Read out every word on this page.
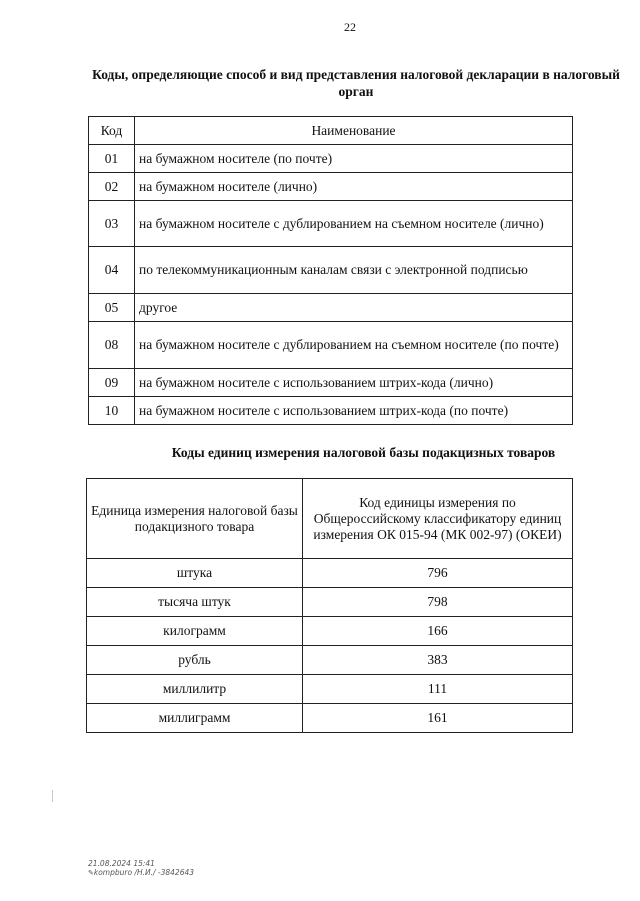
22
Коды, определяющие способ и вид представления налоговой декларации в налоговый орган
Код	Наименование
01	на бумажном носителе (по почте)
02	на бумажном носителе (лично)
03	на бумажном носителе с дублированием на съемном носителе (лично)
04	по телекоммуникационным каналам связи с электронной подписью
05	другое
08	на бумажном носителе с дублированием на съемном носителе (по почте)
09	на бумажном носителе с использованием штрих-кода (лично)
10	на бумажном носителе с использованием штрих-кода (по почте)
Коды единиц измерения налоговой базы подакцизных товаров
Единица измерения налоговой базы подакцизного товара	Код единицы измерения по Общероссийскому классификатору единиц измерения ОК 015-94 (МК 002-97) (ОКЕИ)
штука	796
тысяча штук	798
килограмм	166
рубль	383
миллилитр	111
миллиграмм	161
21.08.2024 15:41
✎kompburo /Н.И./ -3842643
